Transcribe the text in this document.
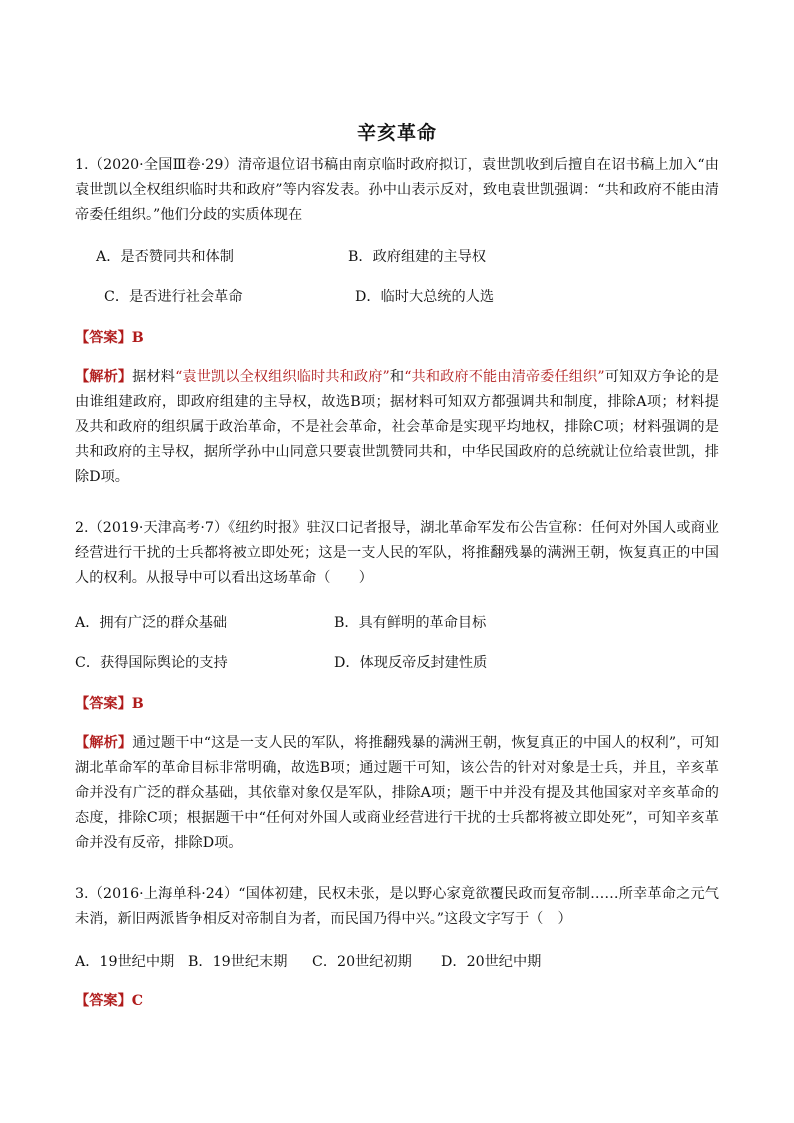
辛亥革命
1.（2020·全国Ⅲ卷·29）清帝退位诏书稿由南京临时政府拟订，袁世凯收到后擅自在诏书稿上加入“由袁世凯以全权组织临时共和政府”等内容发表。孙中山表示反对，致电袁世凯强调：“共和政府不能由清帝委任组织。”他们分歧的实质体现在
A．是否赞同共和体制	B．政府组建的主导权
C．是否进行社会革命	D．临时大总统的人选
【答案】B
【解析】据材料“袁世凯以全权组织临时共和政府”和“共和政府不能由清帝委任组织”可知双方争论的是由谁组建政府，即政府组建的主导权，故选B项；据材料可知双方都强调共和制度，排除A项；材料提及共和政府的组织属于政治革命，不是社会革命，社会革命是实现平均地权，排除C项；材料强调的是共和政府的主导权，据所学孙中山同意只要袁世凯赞同共和，中华民国政府的总统就让位给袁世凯，排除D项。
2.（2019·天津高考·7）《纽约时报》驻汉口记者报导，湖北革命军发布公告宣称：任何对外国人或商业经营进行干扰的士兵都将被立即处死；这是一支人民的军队，将推翻残暴的满洲王朝，恢复真正的中国人的权利。从报导中可以看出这场革命（　　）
A．拥有广泛的群众基础	B．具有鲜明的革命目标
C．获得国际舆论的支持	D．体现反帝反封建性质
【答案】B
【解析】通过题干中“这是一支人民的军队，将推翻残暴的满洲王朝，恢复真正的中国人的权利”，可知湖北革命军的革命目标非常明确，故选B项；通过题干可知，该公告的针对对象是士兵，并且，辛亥革命并没有广泛的群众基础，其依靠对象仅是军队，排除A项；题干中并没有提及其他国家对辛亥革命的态度，排除C项；根据题干中“任何对外国人或商业经营进行干扰的士兵都将被立即处死”，可知辛亥革命并没有反帝，排除D项。
3.（2016·上海单科·24）“国体初建，民权未张，是以野心家竟欲覆民政而复帝制……所幸革命之元气未消，新旧两派皆争相反对帝制自为者，而民国乃得中兴。”这段文字写于（　）
A．19世纪中期 B．19世纪末期 C．20世纪初期 D．20世纪中期
【答案】C
